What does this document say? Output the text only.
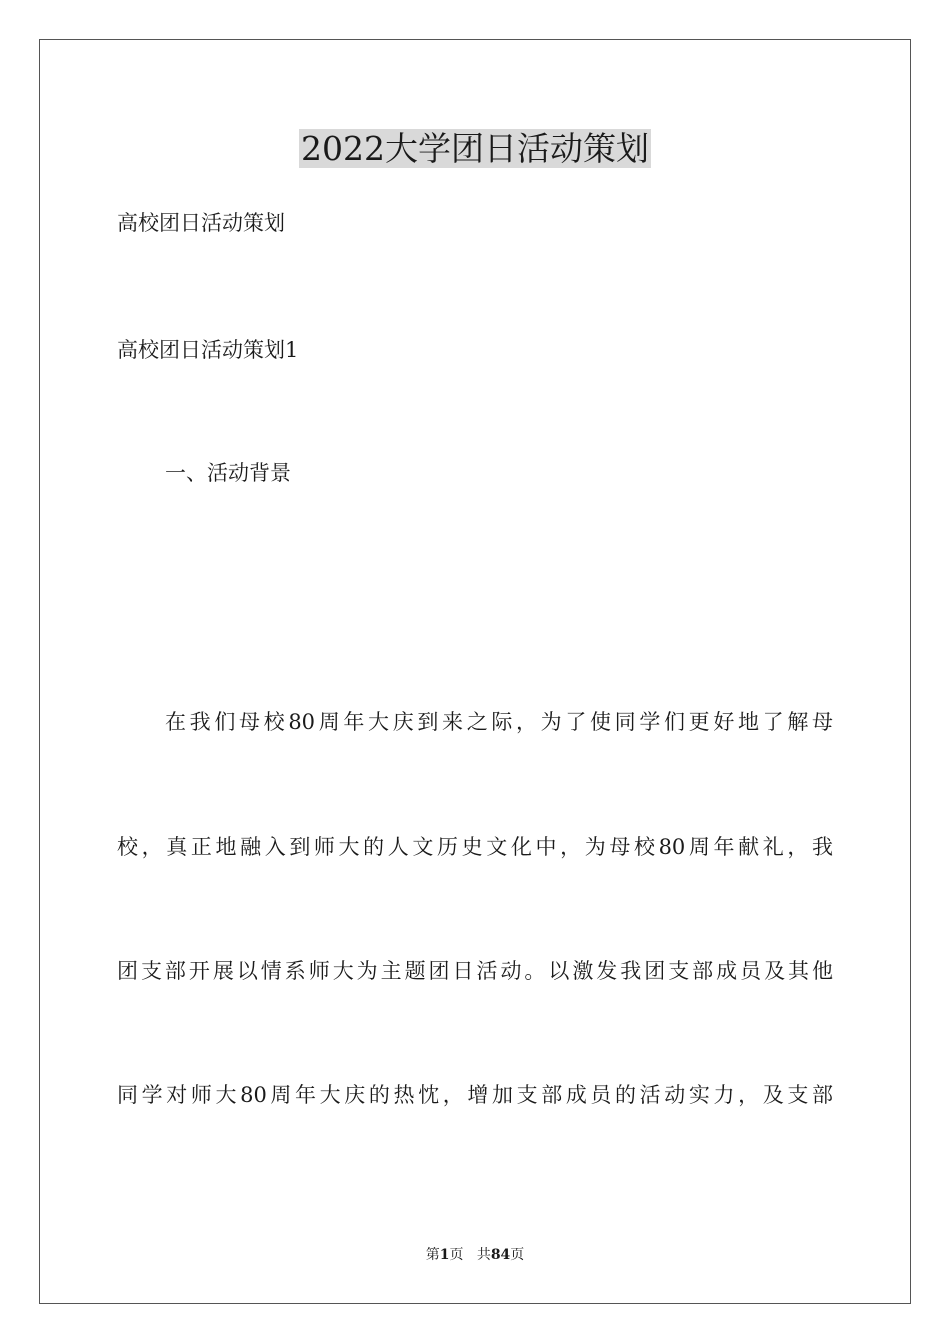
2022大学团日活动策划
高校团日活动策划
高校团日活动策划1
一、活动背景
在我们母校80周年大庆到来之际，为了使同学们更好地了解母
校，真正地融入到师大的人文历史文化中，为母校80周年献礼，我
团支部开展以情系师大为主题团日活动。以激发我团支部成员及其他
同学对师大80周年大庆的热忱，增加支部成员的活动实力，及支部
第1页 共84页
